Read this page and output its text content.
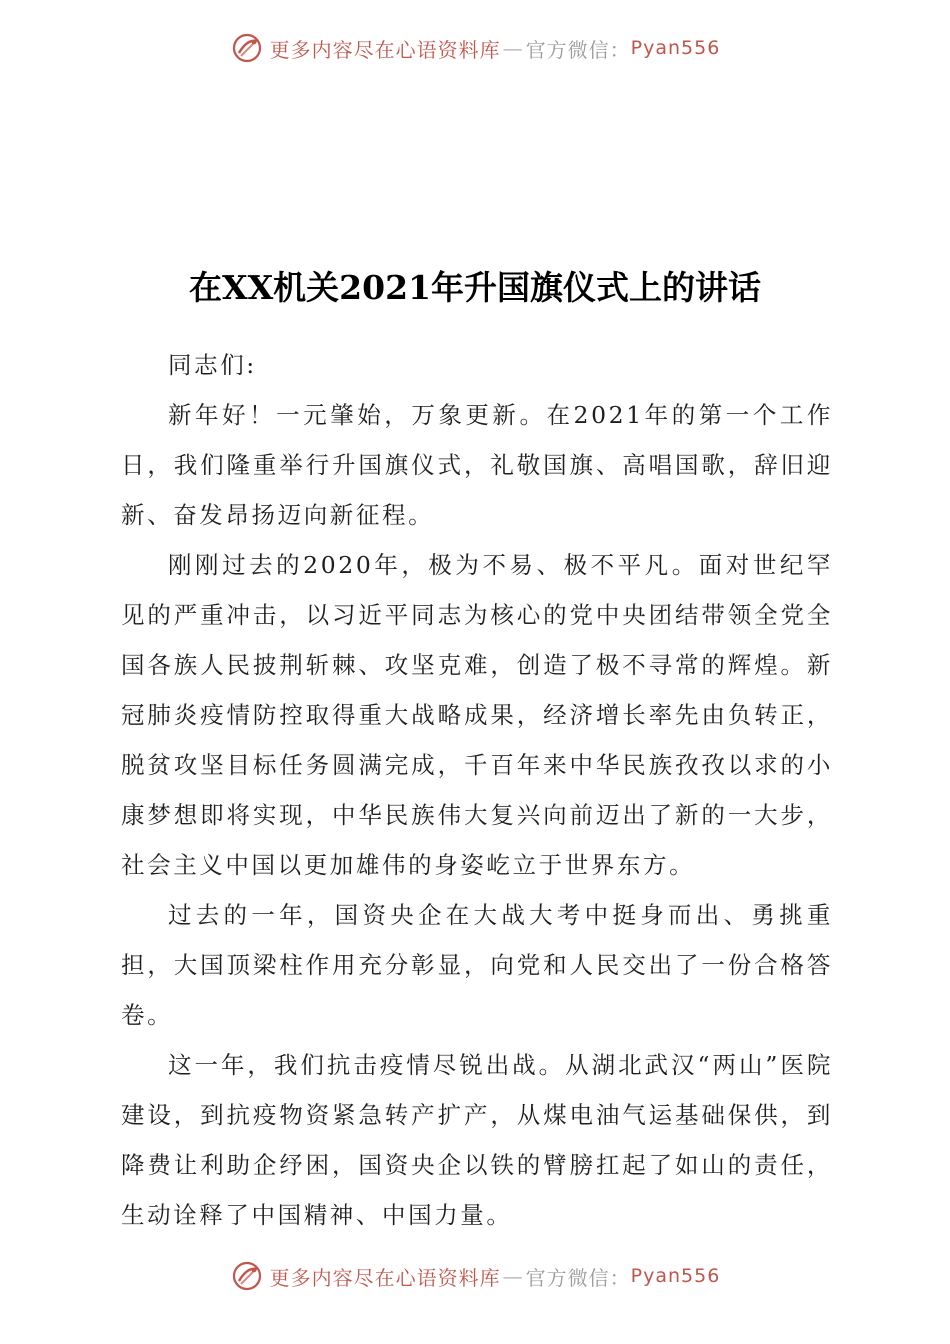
更多内容尽在心语资料库 — 官方微信： Pyan556
在XX机关2021年升国旗仪式上的讲话

同志们:

新年好！一元肇始，万象更新。在2021年的第一个工作日，我们隆重举行升国旗仪式，礼敬国旗、高唱国歌，辞旧迎新、奋发昂扬迈向新征程。

刚刚过去的2020年，极为不易、极不平凡。面对世纪罕见的严重冲击，以习近平同志为核心的党中央团结带领全党全国各族人民披荆斩棘、攻坚克难，创造了极不寻常的辉煌。新冠肺炎疫情防控取得重大战略成果，经济增长率先由负转正，脱贫攻坚目标任务圆满完成，千百年来中华民族孜孜以求的小康梦想即将实现，中华民族伟大复兴向前迈出了新的一大步，社会主义中国以更加雄伟的身姿屹立于世界东方。

过去的一年，国资央企在大战大考中挺身而出、勇挑重担，大国顶梁柱作用充分彰显，向党和人民交出了一份合格答卷。

这一年，我们抗击疫情尽锐出战。从湖北武汉“两山”医院建设，到抗疫物资紧急转产扩产，从煤电油气运基础保供，到降费让利助企纾困，国资央企以铁的臂膀扛起了如山的责任，生动诠释了中国精神、中国力量。

更多内容尽在心语资料库 — 官方微信： Pyan556
